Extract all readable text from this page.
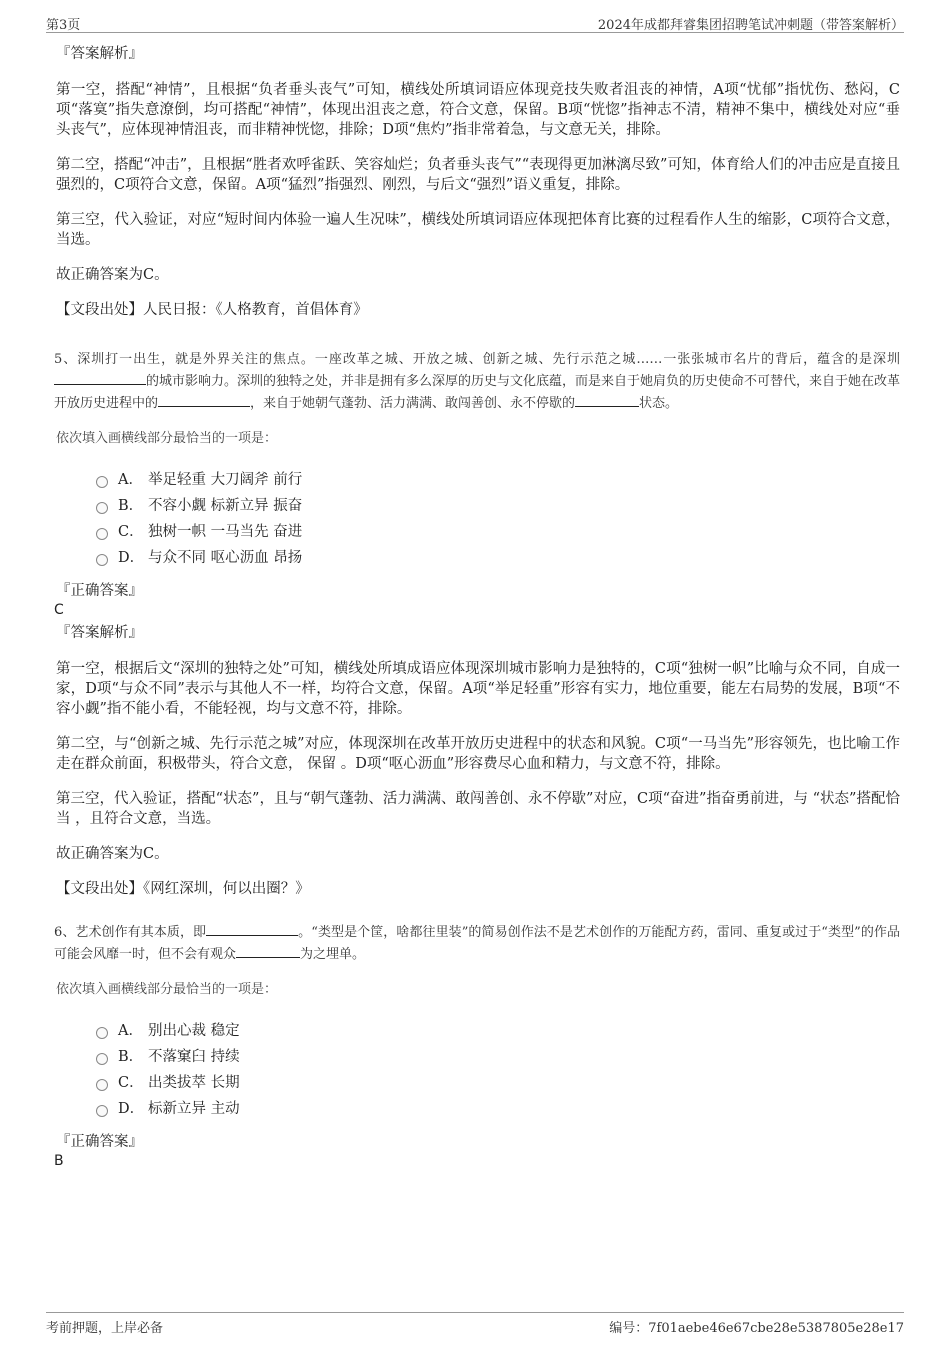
第3页	2024年成都拜睿集团招聘笔试冲刺题（带答案解析）

『答案解析』

第一空，搭配“神情”，且根据“负者垂头丧气”可知，横线处所填词语应体现竞技失败者沮丧的神情，A项“忧郁”指忧伤、愁闷，C项“落寞”指失意潦倒，均可搭配“神情”，体现出沮丧之意，符合文意，保留。B项“恍惚”指神志不清，精神不集中，横线处对应“垂头丧气”，应体现神情沮丧，而非精神恍惚，排除；D项“焦灼”指非常着急，与文意无关，排除。

第二空，搭配“冲击”，且根据“胜者欢呼雀跃、笑容灿烂；负者垂头丧气”“表现得更加淋漓尽致”可知，体育给人们的冲击应是直接且强烈的，C项符合文意，保留。A项“猛烈”指强烈、刚烈，与后文“强烈”语义重复，排除。

第三空，代入验证，对应“短时间内体验一遍人生况味”，横线处所填词语应体现把体育比赛的过程看作人生的缩影，C项符合文意，当选。

故正确答案为C。

【文段出处】人民日报：《人格教育，首倡体育》

5、深圳打一出生，就是外界关注的焦点。一座改革之城、开放之城、创新之城、先行示范之城……一张张城市名片的背后，蕴含的是深圳的城市影响力。深圳的独特之处，并非是拥有多么深厚的历史与文化底蕴，而是来自于她肩负的历史使命不可替代，来自于她在改革开放历史进程中的	，来自于她朝气蓬勃、活力满满、敢闯善创、永不停歇的	状态。

依次填入画横线部分最恰当的一项是：

A． 举足轻重 大刀阔斧 前行
B． 不容小觑 标新立异 振奋
C． 独树一帜 一马当先 奋进
D． 与众不同 呕心沥血 昂扬

『正确答案』

C

『答案解析』

第一空，根据后文“深圳的独特之处”可知，横线处所填成语应体现深圳城市影响力是独特的，C项“独树一帜”比喻与众不同，自成一家，D项“与众不同”表示与其他人不一样，均符合文意，保留。A项“举足轻重”形容有实力，地位重要，能左右局势的发展，B项“不容小觑”指不能小看，不能轻视，均与文意不符，排除。

第二空，与“创新之城、先行示范之城”对应，体现深圳在改革开放历史进程中的状态和风貌。C项“一马当先”形容领先，也比喻工作走在群众前面，积极带头，符合文意， 保留 。D项“呕心沥血”形容费尽心血和精力，与文意不符，排除。

第三空，代入验证，搭配“状态”，且与“朝气蓬勃、活力满满、敢闯善创、永不停歇”对应，C项“奋进”指奋勇前进，与 “状态”搭配恰当 ，且符合文意，当选。

故正确答案为C。

【文段出处】《网红深圳，何以出圈？》

6、艺术创作有其本质，即	。“类型是个筐，啥都往里装”的简易创作法不是艺术创作的万能配方药，雷同、重复或过于“类型”的作品可能会风靡一时，但不会有观众	为之埋单。

依次填入画横线部分最恰当的一项是：

A． 别出心裁 稳定
B． 不落窠臼 持续
C． 出类拔萃 长期
D． 标新立异 主动

『正确答案』

B

考前押题，上岸必备	编号：7f01aebe46e67cbe28e5387805e28e17
